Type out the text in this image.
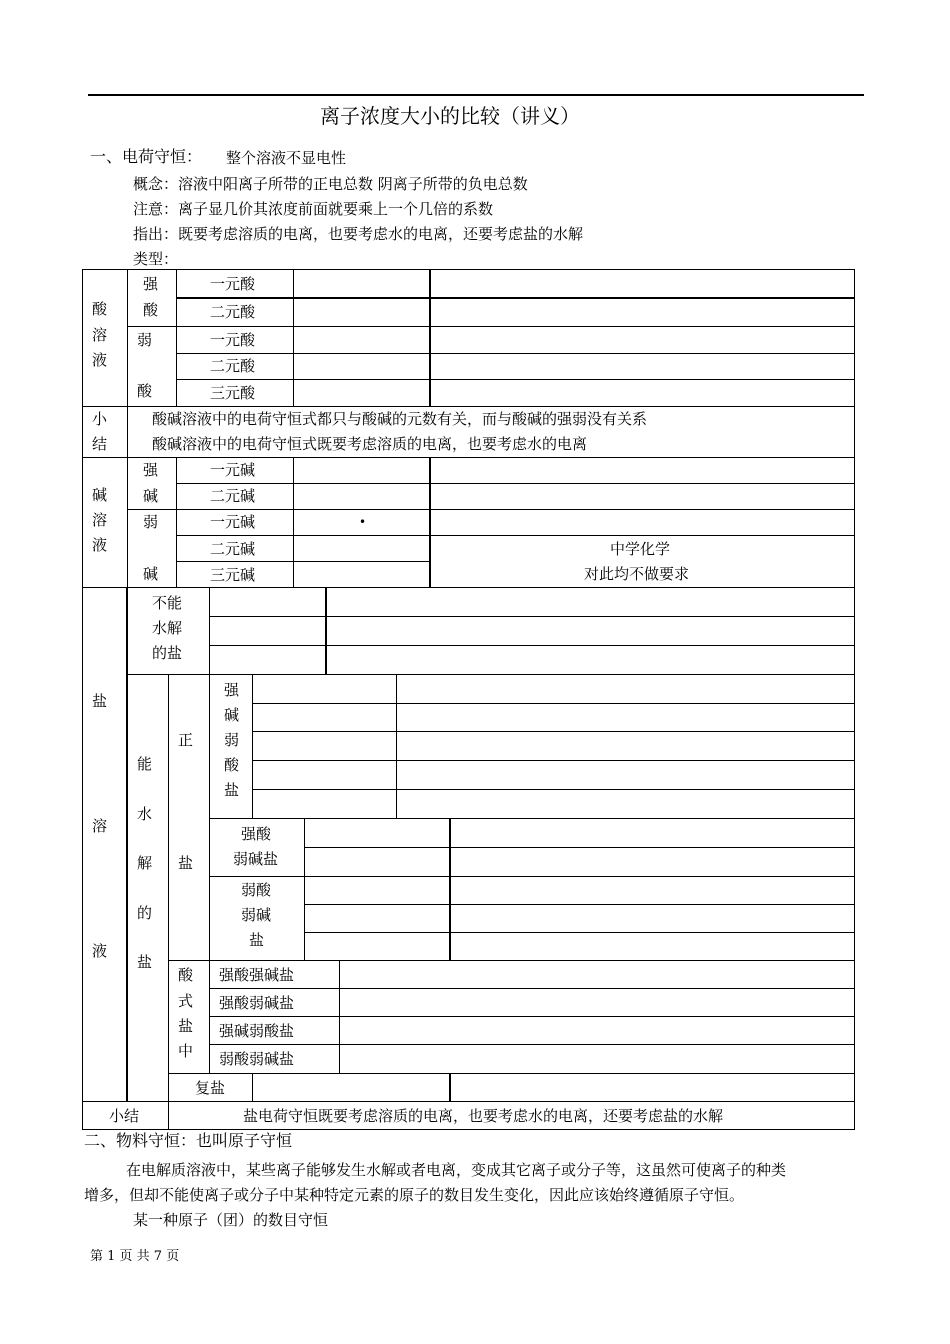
离子浓度大小的比较（讲义）
一、电荷守恒： 整个溶液不显电性
概念：溶液中阳离子所带的正电总数 阴离子所带的负电总数
注意：离子显几价其浓度前面就要乘上一个几倍的系数
指出：既要考虑溶质的电离，也要考虑水的电离，还要考虑盐的水解
类型：
酸
溶
液
强
酸
弱
酸
一元酸
二元酸
一元酸
二元酸
三元酸
小
结
酸碱溶液中的电荷守恒式都只与酸碱的元数有关，而与酸碱的强弱没有关系
酸碱溶液中的电荷守恒式既要考虑溶质的电离，也要考虑水的电离
碱
溶
液
强
碱
弱
碱
一元碱
二元碱
一元碱
二元碱
三元碱
•
中学化学
对此均不做要求
盐
溶
液
不能
水解
的盐
能
水
解
的
盐
正
盐
强
碱
弱
酸
盐
强酸
弱碱盐
弱酸
弱碱
盐
酸
式
盐
中
强酸强碱盐
强酸弱碱盐
强碱弱酸盐
弱酸弱碱盐
复盐
小结	盐电荷守恒既要考虑溶质的电离，也要考虑水的电离，还要考虑盐的水解
二、物料守恒：也叫原子守恒
在电解质溶液中，某些离子能够发生水解或者电离，变成其它离子或分子等，这虽然可使离子的种类
增多，但却不能使离子或分子中某种特定元素的原子的数目发生变化，因此应该始终遵循原子守恒。
某一种原子（团）的数目守恒
第 1 页 共 7 页
